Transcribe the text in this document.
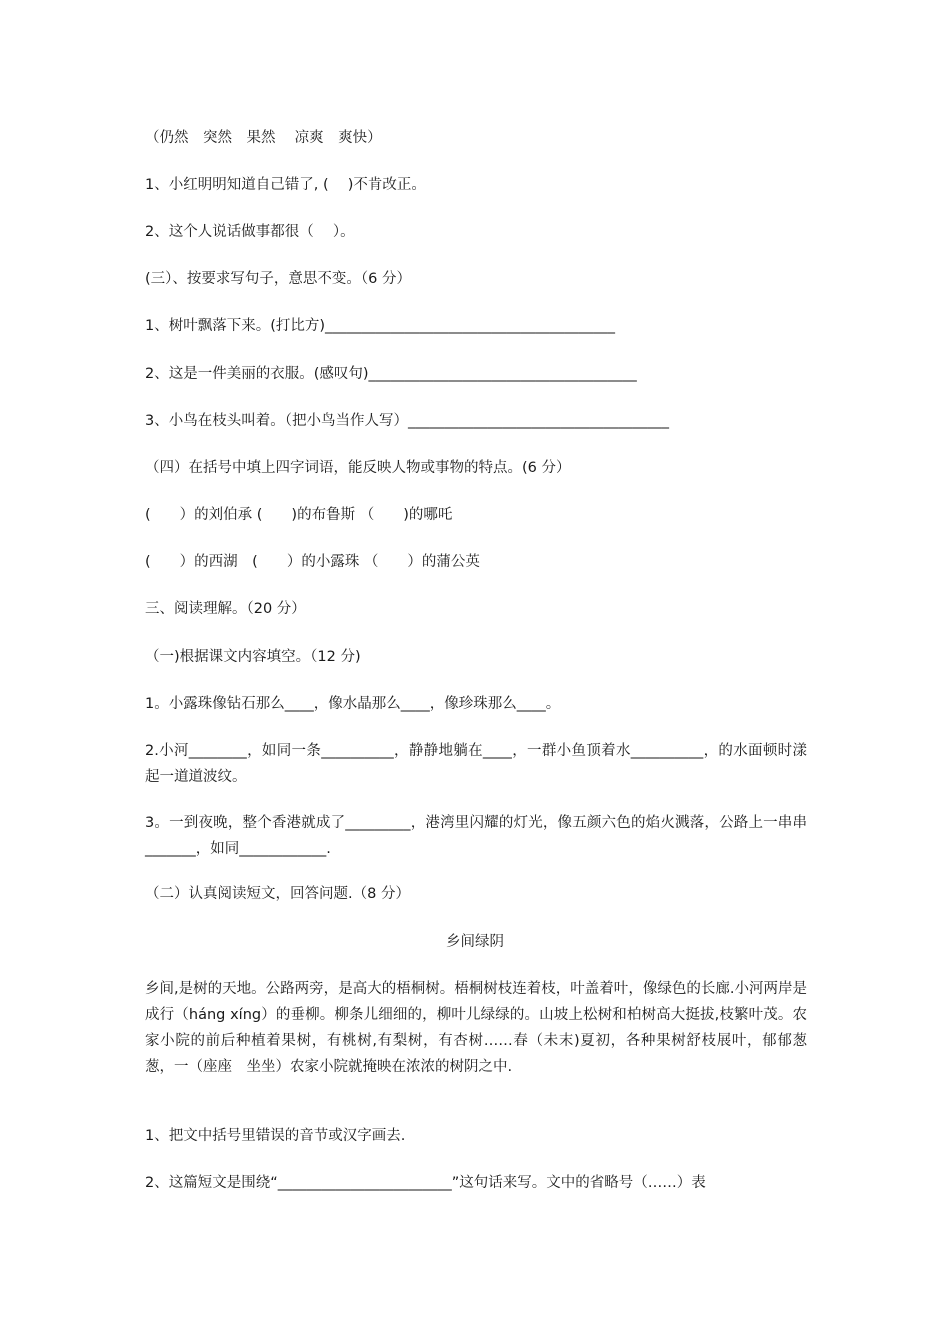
（仍然　突然　果然　 凉爽　爽快）
1、小红明明知道自己错了, (　 )不肯改正。
2、这个人说话做事都很（　 ）。
(三）、按要求写句子，意思不变。（6 分）
1、树叶飘落下来。(打比方)________________________________________
2、这是一件美丽的衣服。(感叹句)_____________________________________
3、小鸟在枝头叫着。（把小鸟当作人写）____________________________________
（四）在括号中填上四字词语，能反映人物或事物的特点。(6 分）
(　　）的刘伯承 (　　)的布鲁斯 （　　)的哪吒
(　　）的西湖　(　　）的小露珠 （　　）的蒲公英
三、阅读理解。（20 分）
（一)根据课文内容填空。（12 分)
1。小露珠像钻石那么____，像水晶那么____，像珍珠那么____。
2.小河________，如同一条__________，静静地躺在____，一群小鱼顶着水__________，的水面顿时漾起一道道波纹。
3。一到夜晚，整个香港就成了_________，港湾里闪耀的灯光，像五颜六色的焰火溅落，公路上一串串_______，如同____________.
（二）认真阅读短文，回答问题.（8 分）
乡间绿阴
乡间,是树的天地。公路两旁，是高大的梧桐树。梧桐树枝连着枝，叶盖着叶，像绿色的长廊.小河两岸是成行（háng xíng）的垂柳。柳条儿细细的，柳叶儿绿绿的。山坡上松树和柏树高大挺拔,枝繁叶茂。农家小院的前后种植着果树，有桃树,有梨树，有杏树……春（未末)夏初，各种果树舒枝展叶，郁郁葱葱，一（座座　坐坐）农家小院就掩映在浓浓的树阴之中.
1、把文中括号里错误的音节或汉字画去.
2、这篇短文是围绕“________________________”这句话来写。文中的省略号（……）表
